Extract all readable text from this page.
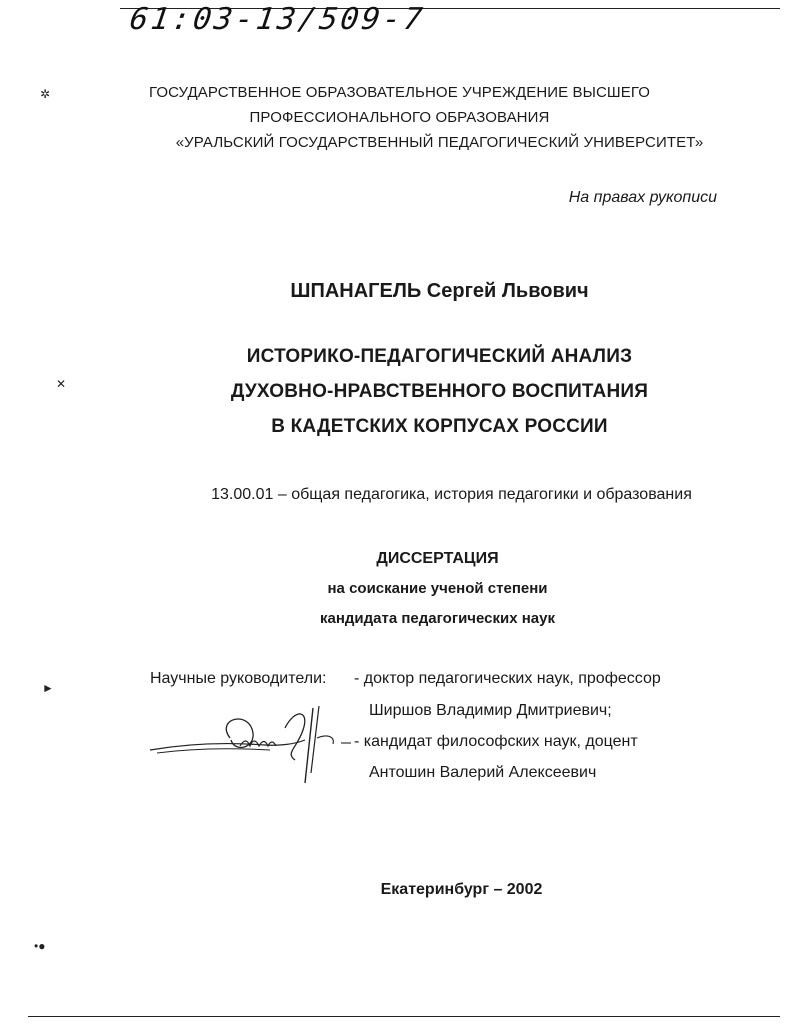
61:03-13/509-7
ГОСУДАРСТВЕННОЕ ОБРАЗОВАТЕЛЬНОЕ УЧРЕЖДЕНИЕ ВЫСШЕГО
ПРОФЕССИОНАЛЬНОГО ОБРАЗОВАНИЯ
«УРАЛЬСКИЙ ГОСУДАРСТВЕННЫЙ ПЕДАГОГИЧЕСКИЙ УНИВЕРСИТЕТ»
На правах рукописи
ШПАНАГЕЛЬ Сергей Львович
ИСТОРИКО-ПЕДАГОГИЧЕСКИЙ АНАЛИЗ
ДУХОВНО-НРАВСТВЕННОГО ВОСПИТАНИЯ
В КАДЕТСКИХ КОРПУСАХ РОССИИ
13.00.01 – общая педагогика, история педагогики и образования
ДИССЕРТАЦИЯ
на соискание ученой степени
кандидата педагогических наук
Научные руководители: - доктор педагогических наук, профессор
Ширшов Владимир Дмитриевич;
- кандидат философских наук, доцент
Антошин Валерий Алексеевич
Екатеринбург – 2002
✲
✕
►
•●
